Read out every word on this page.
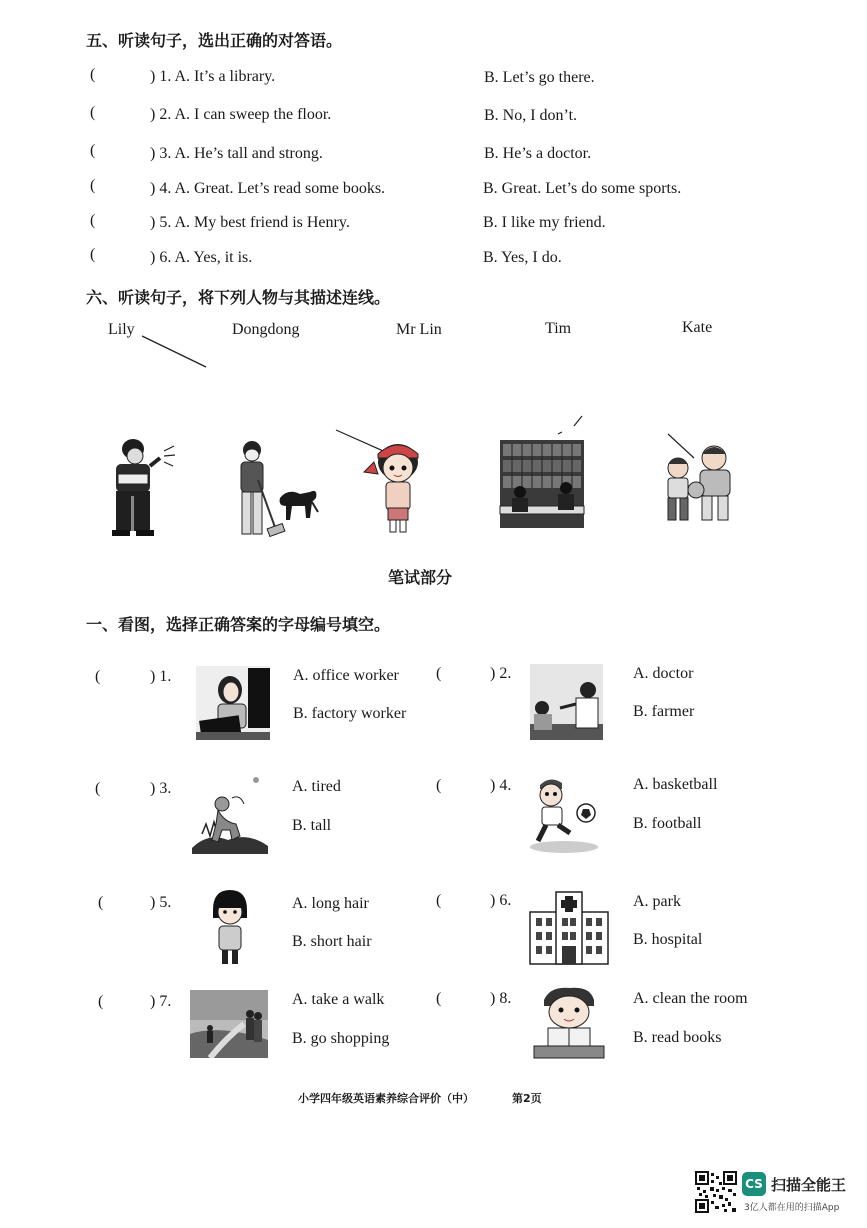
五、听读句子，选出正确的对答语。
(	) 1. A. It’s a library.	B. Let’s go there.
(	) 2. A. I can sweep the floor.	B. No, I don’t.
(	) 3. A. He’s tall and strong.	B. He’s a doctor.
(	) 4. A. Great. Let’s read some books.	B. Great. Let’s do some sports.
(	) 5. A. My best friend is Henry.	B. I like my friend.
(	) 6. A. Yes, it is.	B. Yes, I do.
六、听读句子，将下列人物与其描述连线。
Lily	Dongdong	Mr Lin	Tim	Kate
笔试部分
一、看图，选择正确答案的字母编号填空。
(	) 1.	A. office worker
B. factory worker
(	) 2.	A. doctor
B. farmer
(	) 3.	A. tired
B. tall
(	) 4.	A. basketball
B. football
(	) 5.	A. long hair
B. short hair
(	) 6.	A. park
B. hospital
(	) 7.	A. take a walk
B. go shopping
(	) 8.	A. clean the room
B. read books
小学四年级英语素养综合评价（中）	第2页
CS 扫描全能王
3亿人都在用的扫描App
